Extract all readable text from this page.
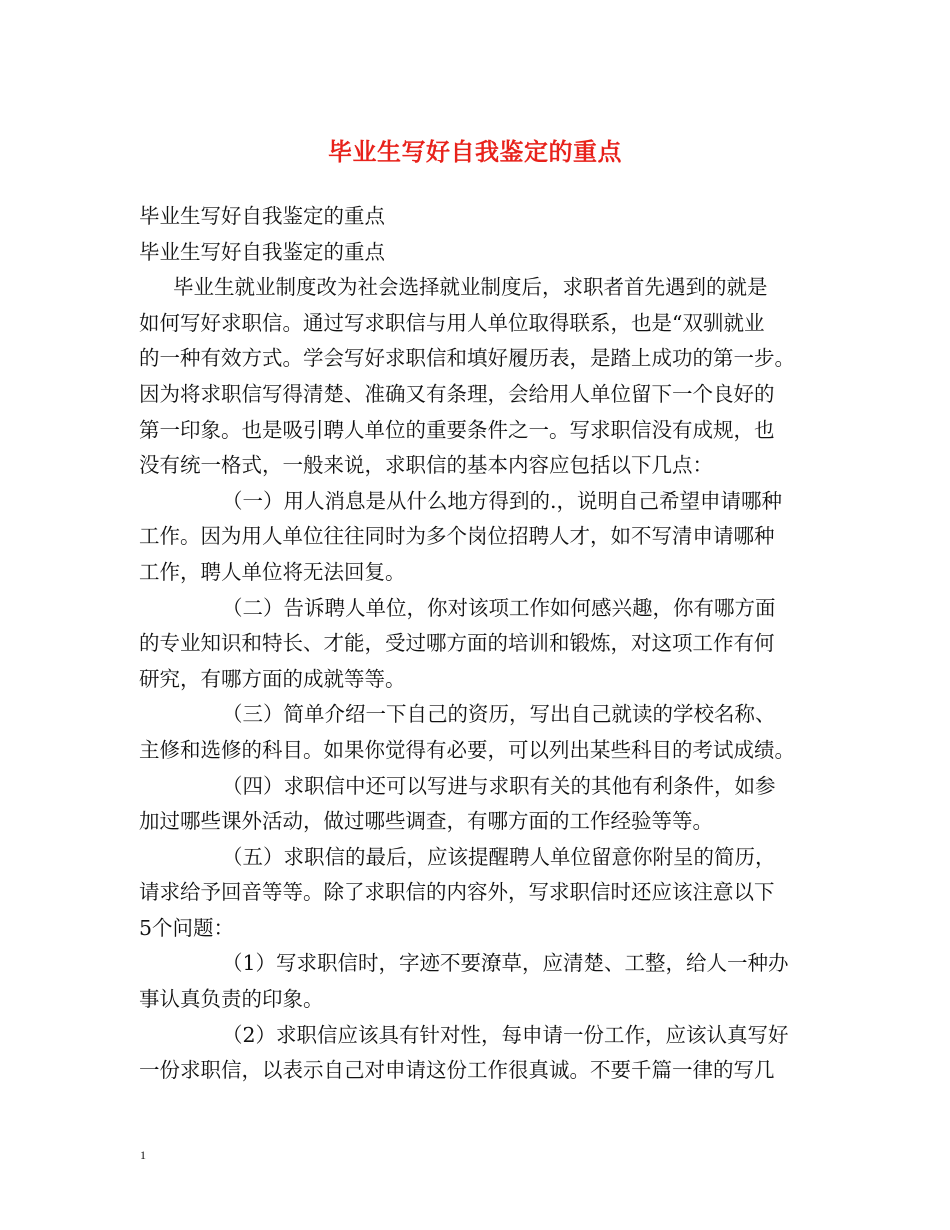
毕业生写好自我鉴定的重点
毕业生写好自我鉴定的重点
毕业生写好自我鉴定的重点
毕业生就业制度改为社会选择就业制度后，求职者首先遇到的就是
如何写好求职信。通过写求职信与用人单位取得联系，也是“双驯就业
的一种有效方式。学会写好求职信和填好履历表，是踏上成功的第一步。
因为将求职信写得清楚、准确又有条理，会给用人单位留下一个良好的
第一印象。也是吸引聘人单位的重要条件之一。写求职信没有成规，也
没有统一格式，一般来说，求职信的基本内容应包括以下几点：
（一）用人消息是从什么地方得到的.，说明自己希望申请哪种
工作。因为用人单位往往同时为多个岗位招聘人才，如不写清申请哪种
工作，聘人单位将无法回复。
（二）告诉聘人单位，你对该项工作如何感兴趣，你有哪方面
的专业知识和特长、才能，受过哪方面的培训和锻炼，对这项工作有何
研究，有哪方面的成就等等。
（三）简单介绍一下自己的资历，写出自己就读的学校名称、
主修和选修的科目。如果你觉得有必要，可以列出某些科目的考试成绩。
（四）求职信中还可以写进与求职有关的其他有利条件，如参
加过哪些课外活动，做过哪些调查，有哪方面的工作经验等等。
（五）求职信的最后，应该提醒聘人单位留意你附呈的简历，
请求给予回音等等。除了求职信的内容外，写求职信时还应该注意以下
5个问题：
（1）写求职信时，字迹不要潦草，应清楚、工整，给人一种办
事认真负责的印象。
（2）求职信应该具有针对性，每申请一份工作，应该认真写好
一份求职信，以表示自己对申请这份工作很真诚。不要千篇一律的写几
1
